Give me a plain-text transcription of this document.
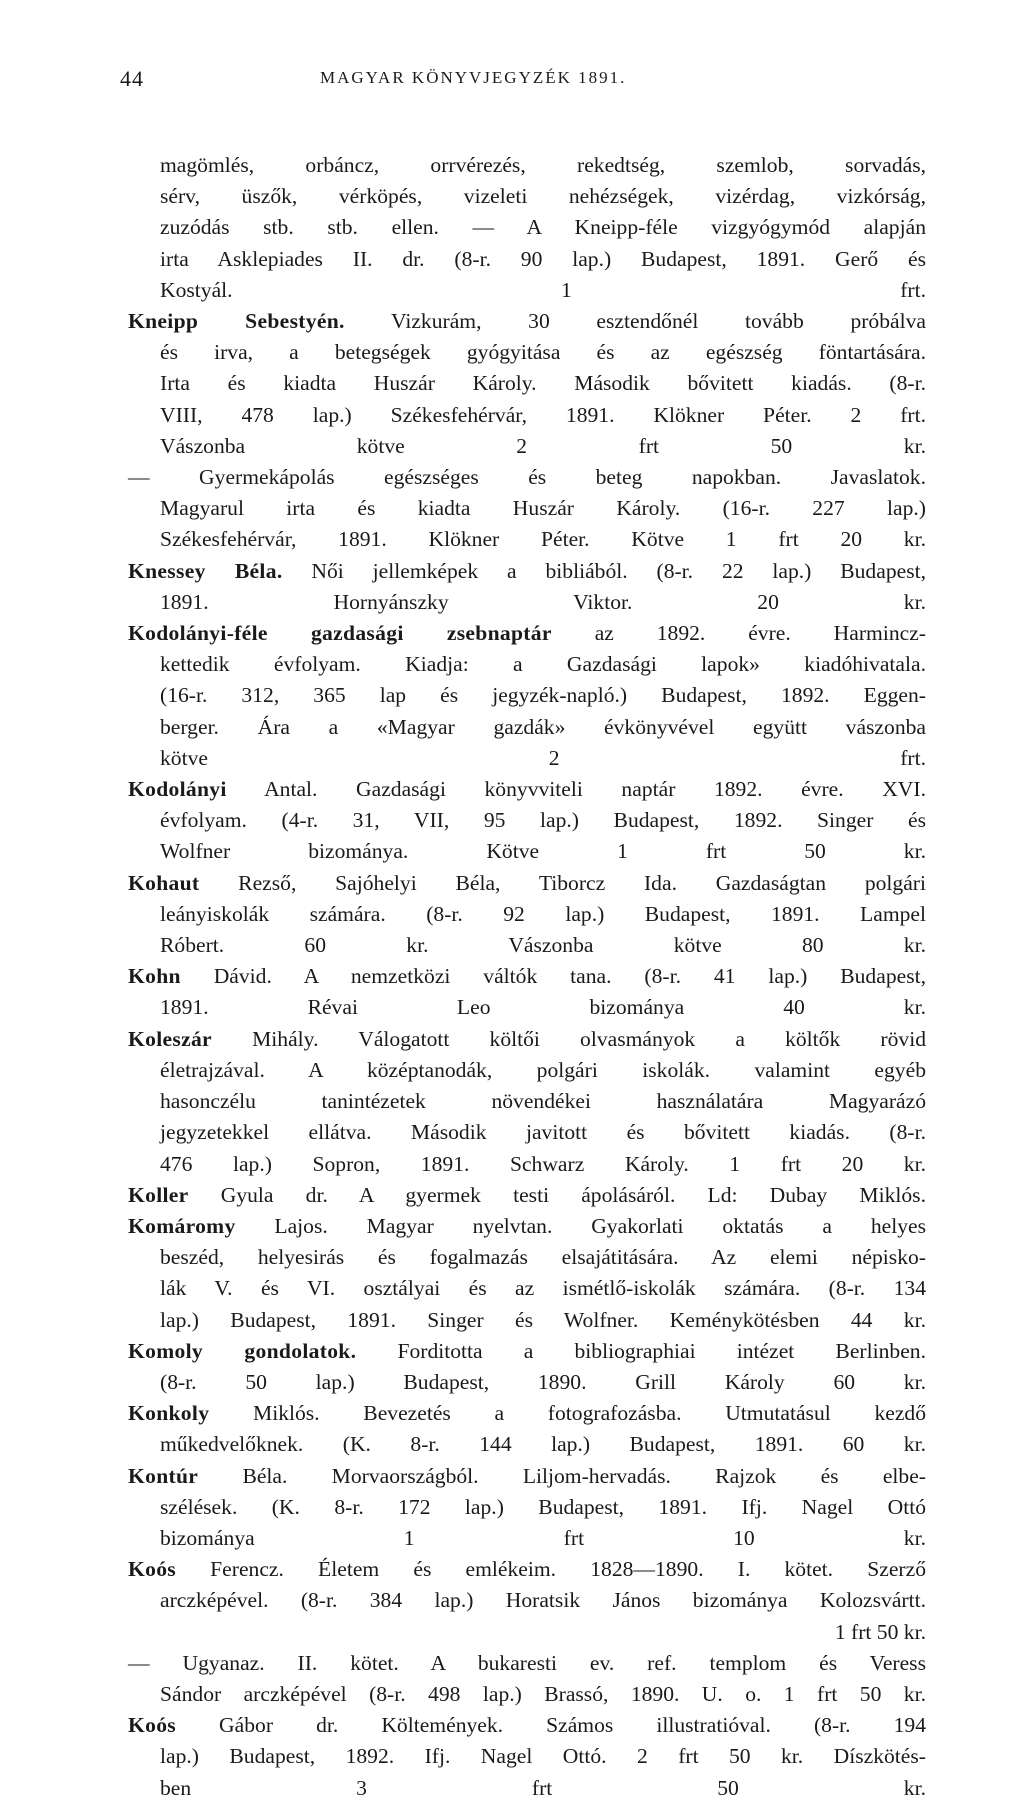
44	MAGYAR KÖNYVJEGYZÉK 1891.
magömlés, orbáncz, orrvérezés, rekedtség, szemlob, sorvadás,
sérv, üszők, vérköpés, vizeleti nehézségek, vizérdag, vizkórság,
zuzódás stb. stb. ellen. — A Kneipp-féle vizgyógymód alapján
irta Asklepiades II. dr. (8-r. 90 lap.) Budapest, 1891. Gerő és
Kostyál. 1 frt.
Kneipp Sebestyén. Vizkurám, 30 esztendőnél tovább próbálva
és irva, a betegségek gyógyitása és az egészség föntartására.
Irta és kiadta Huszár Károly. Második bővitett kiadás. (8-r.
VIII, 478 lap.) Székesfehérvár, 1891. Klökner Péter. 2 frt.
Vászonba kötve 2 frt 50 kr.
— Gyermekápolás egészséges és beteg napokban. Javaslatok.
Magyarul irta és kiadta Huszár Károly. (16-r. 227 lap.)
Székesfehérvár, 1891. Klökner Péter. Kötve 1 frt 20 kr.
Knessey Béla. Női jellemképek a bibliából. (8-r. 22 lap.) Budapest,
1891. Hornyánszky Viktor. 20 kr.
Kodolányi-féle gazdasági zsebnaptár az 1892. évre. Harmincz-
kettedik évfolyam. Kiadja: a Gazdasági lapok» kiadóhivatala.
(16-r. 312, 365 lap és jegyzék-napló.) Budapest, 1892. Eggen-
berger. Ára a «Magyar gazdák» évkönyvével együtt vászonba
kötve 2 frt.
Kodolányi Antal. Gazdasági könyvviteli naptár 1892. évre. XVI.
évfolyam. (4-r. 31, VII, 95 lap.) Budapest, 1892. Singer és
Wolfner bizománya. Kötve 1 frt 50 kr.
Kohaut Rezső, Sajóhelyi Béla, Tiborcz Ida. Gazdaságtan polgári
leányiskolák számára. (8-r. 92 lap.) Budapest, 1891. Lampel
Róbert. 60 kr. Vászonba kötve 80 kr.
Kohn Dávid. A nemzetközi váltók tana. (8-r. 41 lap.) Budapest,
1891. Révai Leo bizománya 40 kr.
Koleszár Mihály. Válogatott költői olvasmányok a költők rövid
életrajzával. A középtanodák, polgári iskolák. valamint egyéb
hasonczélu tanintézetek növendékei használatára Magyarázó
jegyzetekkel ellátva. Második javitott és bővitett kiadás. (8-r.
476 lap.) Sopron, 1891. Schwarz Károly. 1 frt 20 kr.
Koller Gyula dr. A gyermek testi ápolásáról. Ld: Dubay Miklós.
Komáromy Lajos. Magyar nyelvtan. Gyakorlati oktatás a helyes
beszéd, helyesirás és fogalmazás elsajátitására. Az elemi népisko-
lák V. és VI. osztályai és az ismétlő-iskolák számára. (8-r. 134
lap.) Budapest, 1891. Singer és Wolfner. Keménykötésben 44 kr.
Komoly gondolatok. Forditotta a bibliographiai intézet Berlinben.
(8-r. 50 lap.) Budapest, 1890. Grill Károly 60 kr.
Konkoly Miklós. Bevezetés a fotografozásba. Utmutatásul kezdő
műkedvelőknek. (K. 8-r. 144 lap.) Budapest, 1891. 60 kr.
Kontúr Béla. Morvaországból. Liljom-hervadás. Rajzok és elbe-
szélések. (K. 8-r. 172 lap.) Budapest, 1891. Ifj. Nagel Ottó
bizománya 1 frt 10 kr.
Koós Ferencz. Életem és emlékeim. 1828—1890. I. kötet. Szerző
arczképével. (8-r. 384 lap.) Horatsik János bizománya Kolozsvártt.
1 frt 50 kr.
— Ugyanaz. II. kötet. A bukaresti ev. ref. templom és Veress
Sándor arczképével (8-r. 498 lap.) Brassó, 1890. U. o. 1 frt 50 kr.
Koós Gábor dr. Költemények. Számos illustratióval. (8-r. 194
lap.) Budapest, 1892. Ifj. Nagel Ottó. 2 frt 50 kr. Díszkötés-
ben 3 frt 50 kr.
